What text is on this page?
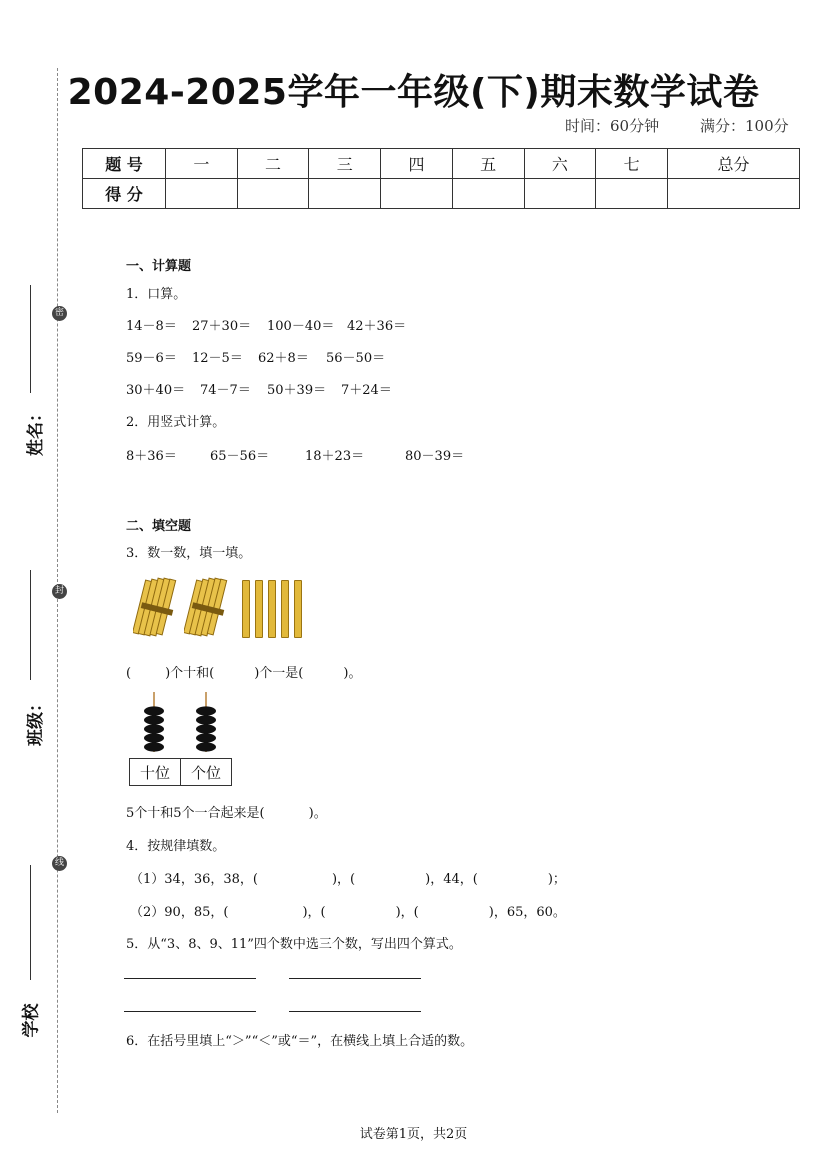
密
封
线
姓名：
班级：
学校
2024-2025学年一年级(下)期末数学试卷
时间：60分钟	满分：100分
题 号	一	二	三	四	五	六	七	总分
得 分								
一、计算题
1．口算。
14－8＝ 27＋30＝ 100－40＝ 42＋36＝
59－6＝ 12－5＝ 62＋8＝ 56－50＝
30＋40＝ 74－7＝ 50＋39＝ 7＋24＝
2．用竖式计算。
8＋36＝	65－56＝	18＋23＝	80－39＝
二、填空题
3．数一数，填一填。
(	)个十和(	)个一是(	)。
十位	个位
5个十和5个一合起来是(	)。
4．按规律填数。
（1）34，36，38，(	)，(	)，44，(	)；
（2）90，85，(	)，(	)，(	)，65，60。
5．从“3、8、9、11”四个数中选三个数，写出四个算式。
6．在括号里填上“＞”“＜”或“＝”，在横线上填上合适的数。
试卷第1页，共2页
